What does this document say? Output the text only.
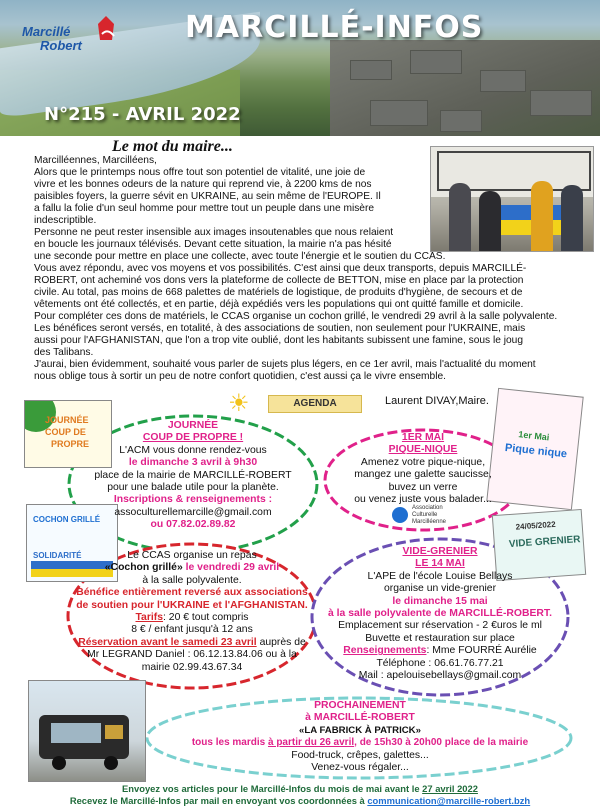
Marcillé
Robert
MARCILLÉ-INFOS
N°215 - AVRIL 2022
Le mot du maire...
Marcilléennes, Marcilléens,
Alors que le printemps nous offre tout son potentiel de vitalité, une joie de
vivre et les bonnes odeurs de la nature qui reprend vie, à 2200 kms de nos
paisibles foyers, la guerre sévit en UKRAINE, au sein même de l'EUROPE. Il
a fallu la folie d'un seul homme pour mettre tout un peuple dans une misère
indescriptible.
Personne ne peut rester insensible aux images insoutenables que nous relaient
en boucle les journaux télévisés. Devant cette situation, la mairie n'a pas hésité
une seconde pour mettre en place une collecte, avec toute l'énergie et le soutien du CCAS.
Vous avez répondu, avec vos moyens et vos possibilités. C'est ainsi que deux transports, depuis MARCILLÉ-
ROBERT, ont acheminé vos dons vers la plateforme de collecte de BETTON, mise en place par la protection
civile. Au total, pas moins de 668 palettes de matériels de logistique, de produits d'hygiène, de secours et de
vêtements ont été collectés, et en partie, déjà expédiés vers les populations qui ont quitté famille et domicile.
Pour compléter ces dons de matériels, le CCAS organise un cochon grillé, le vendredi 29 avril à la salle polyvalente.
Les bénéfices seront versés, en totalité, à des associations de soutien, non seulement pour l'UKRAINE, mais
aussi pour l'AFGHANISTAN, que l'on a trop vite oublié, dont les habitants subissent une famine, sous le joug
des Talibans.
J'aurai, bien évidemment, souhaité vous parler de sujets plus légers, en ce 1er avril, mais l'actualité du moment
nous oblige tous à sortir un peu de notre confort quotidien, c'est aussi ça le vivre ensemble.
☀	AGENDA	Laurent DIVAY,Maire.
JOURNÉE
COUP DE
PROPRE
1er Mai
Pique nique
COCHON GRILLÉ
SOLIDARITÉ
24/05/2022
VIDE GRENIER
JOURNÉE
COUP DE PROPRE !
L'ACM vous donne rendez-vous
le dimanche 3 avril à 9h30
place de la mairie de MARCILLÉ-ROBERT
pour une balade utile pour la planète.
Inscriptions & renseignements :
assoculturellemarcille@gmail.com
ou 07.82.02.89.82
1ER MAI
PIQUE-NIQUE
Amenez votre pique-nique,
mangez une galette saucisse,
buvez un verre
ou venez juste vous balader...
Association
Culturelle
Marcilléenne
Le CCAS organise un repas
«Cochon grillé» le vendredi 29 avril
à la salle polyvalente.
Bénéfice entièrement reversé aux associations
de soutien pour l'UKRAINE et l'AFGHANISTAN.
Tarifs: 20 € tout compris
8 € / enfant jusqu'à 12 ans
Réservation avant le samedi 23 avril auprès de
Mr LEGRAND Daniel : 06.12.13.84.06 ou à la
mairie 02.99.43.67.34
VIDE-GRENIER
LE 14 MAI
L'APE de l'école Louise Bellays
organise un vide-grenier
le dimanche 15 mai
à la salle polyvalente de MARCILLÉ-ROBERT.
Emplacement sur réservation - 2 €uros le ml
Buvette et restauration sur place
Renseignements: Mme FOURRÉ Aurélie
Téléphone : 06.61.76.77.21
Mail : apelouisebellays@gmail.com
PROCHAINEMENT
à MARCILLÉ-ROBERT
«LA FABRICK À PATRICK»
tous les mardis à partir du 26 avril, de 15h30 à 20h00 place de la mairie
Food-truck, crêpes, galettes...
Venez-vous régaler...
Envoyez vos articles pour le Marcillé-Infos du mois de mai avant le 27 avril 2022
Recevez le Marcillé-Infos par mail en envoyant vos coordonnées à communication@marcille-robert.bzh
